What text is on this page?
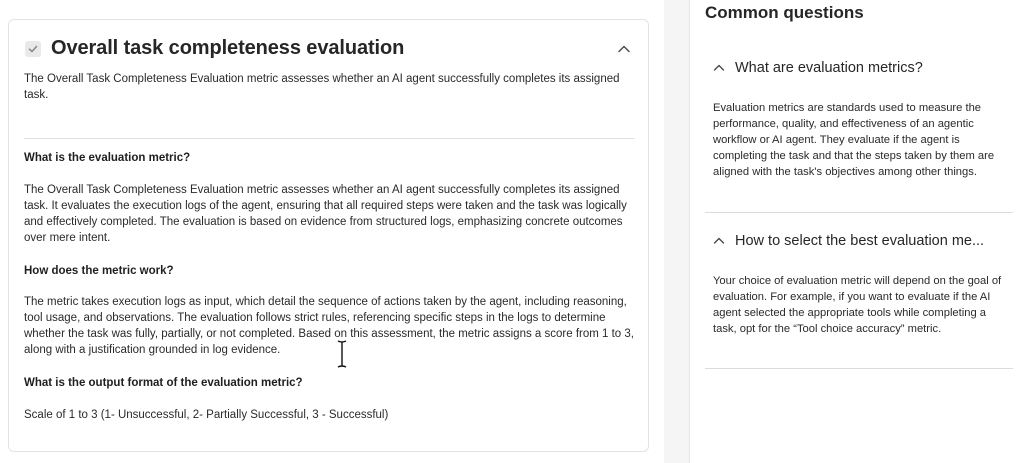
Overall task completeness evaluation

The Overall Task Completeness Evaluation metric assesses whether an AI agent successfully completes its assigned task.

What is the evaluation metric?

The Overall Task Completeness Evaluation metric assesses whether an AI agent successfully completes its assigned task. It evaluates the execution logs of the agent, ensuring that all required steps were taken and the task was logically and effectively completed. The evaluation is based on evidence from structured logs, emphasizing concrete outcomes over mere intent.

How does the metric work?

The metric takes execution logs as input, which detail the sequence of actions taken by the agent, including reasoning, tool usage, and observations. The evaluation follows strict rules, referencing specific steps in the logs to determine whether the task was fully, partially, or not completed. Based on this assessment, the metric assigns a score from 1 to 3, along with a justification grounded in log evidence.

What is the output format of the evaluation metric?

Scale of 1 to 3 (1- Unsuccessful, 2- Partially Successful, 3 - Successful)

Common questions
What are evaluation metrics?

Evaluation metrics are standards used to measure the performance, quality, and effectiveness of an agentic workflow or AI agent. They evaluate if the agent is completing the task and that the steps taken by them are aligned with the task's objectives among other things.

How to select the best evaluation me...

Your choice of evaluation metric will depend on the goal of evaluation. For example, if you want to evaluate if the AI agent selected the appropriate tools while completing a task, opt for the “Tool choice accuracy” metric.
